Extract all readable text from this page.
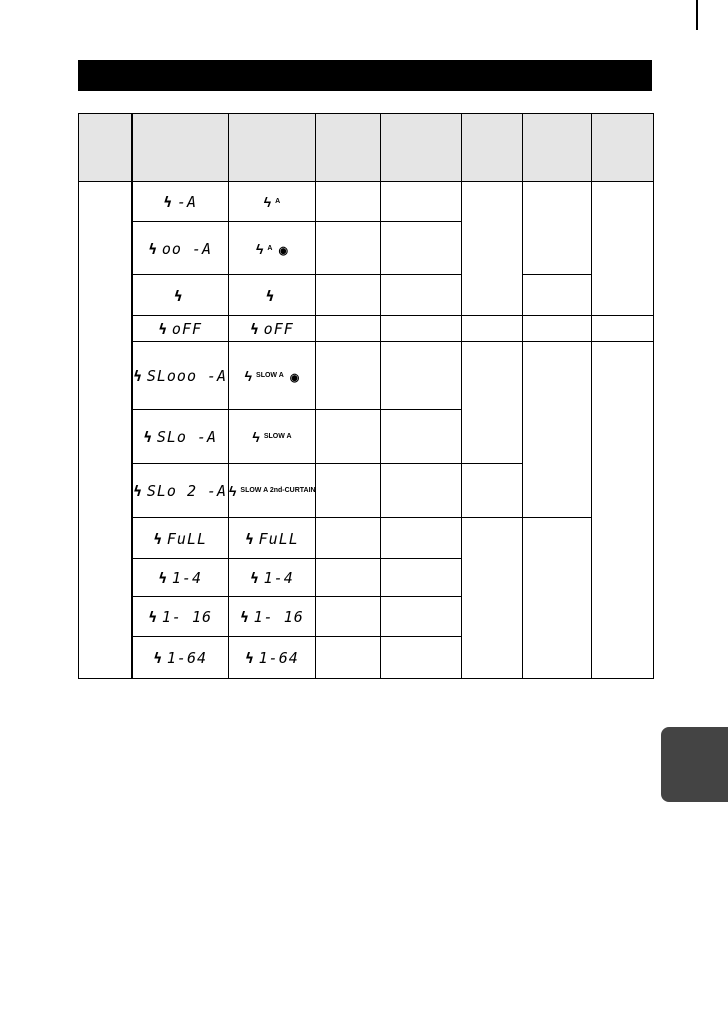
	ϟ -A	ϟ $^A$					
	ϟ oo -A	ϟ $^A$ ◉					
	ϟ	ϟ					
	ϟ oFF	ϟ oFF					
	ϟ SLooo -A	ϟ $^{SLOW A}$ ◉					
	ϟ SLo -A	ϟ $^{SLOW A}$		
	ϟ SLo 2 -A	ϟ $^{SLOW A 2nd-CURTAIN}$			
	ϟ FuLL	ϟ FuLL					
	ϟ 1-4	ϟ 1-4					
	ϟ 1- 16	ϟ 1- 16					
	ϟ 1-64	ϟ 1-64					
